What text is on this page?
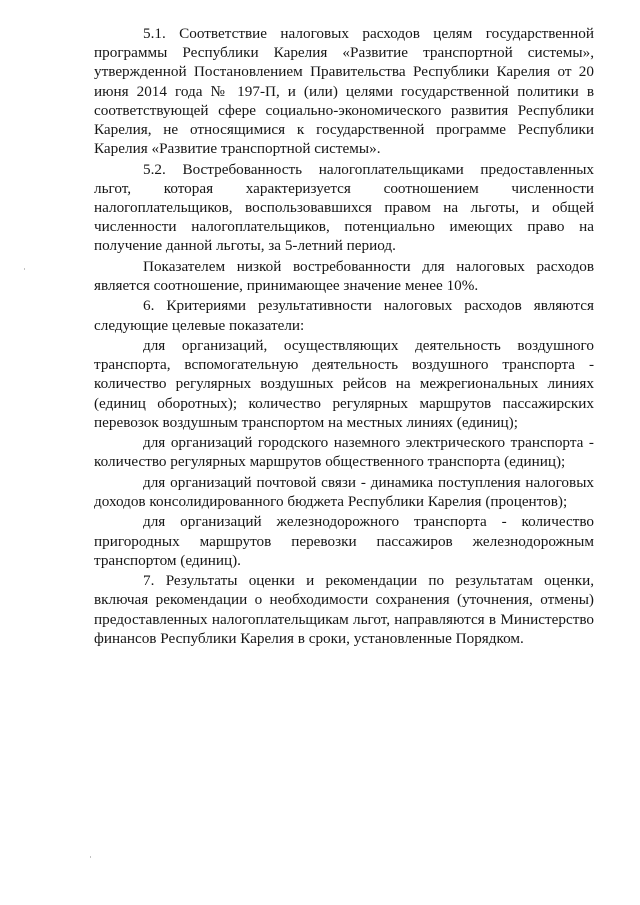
5.1. Соответствие налоговых расходов целям государственной программы Республики Карелия «Развитие транспортной системы», утвержденной Постановлением Правительства Республики Карелия от 20 июня 2014 года № 197-П, и (или) целями государственной политики в соответствующей сфере социально-экономического развития Республики Карелия, не относящимися к государственной программе Республики Карелия «Развитие транспортной системы».

5.2. Востребованность налогоплательщиками предоставленных льгот, которая характеризуется соотношением численности налогоплательщиков, воспользовавшихся правом на льготы, и общей численности налогоплательщиков, потенциально имеющих право на получение данной льготы, за 5-летний период.

Показателем низкой востребованности для налоговых расходов является соотношение, принимающее значение менее 10%.

6. Критериями результативности налоговых расходов являются следующие целевые показатели:

для организаций, осуществляющих деятельность воздушного транспорта, вспомогательную деятельность воздушного транспорта - количество регулярных воздушных рейсов на межрегиональных линиях (единиц оборотных); количество регулярных маршрутов пассажирских перевозок воздушным транспортом на местных линиях (единиц);

для организаций городского наземного электрического транспорта - количество регулярных маршрутов общественного транспорта (единиц);

для организаций почтовой связи - динамика поступления налоговых доходов консолидированного бюджета Республики Карелия (процентов);

для организаций железнодорожного транспорта - количество пригородных маршрутов перевозки пассажиров железнодорожным транспортом (единиц).

7. Результаты оценки и рекомендации по результатам оценки, включая рекомендации о необходимости сохранения (уточнения, отмены) предоставленных налогоплательщикам льгот, направляются в Министерство финансов Республики Карелия в сроки, установленные Порядком.
